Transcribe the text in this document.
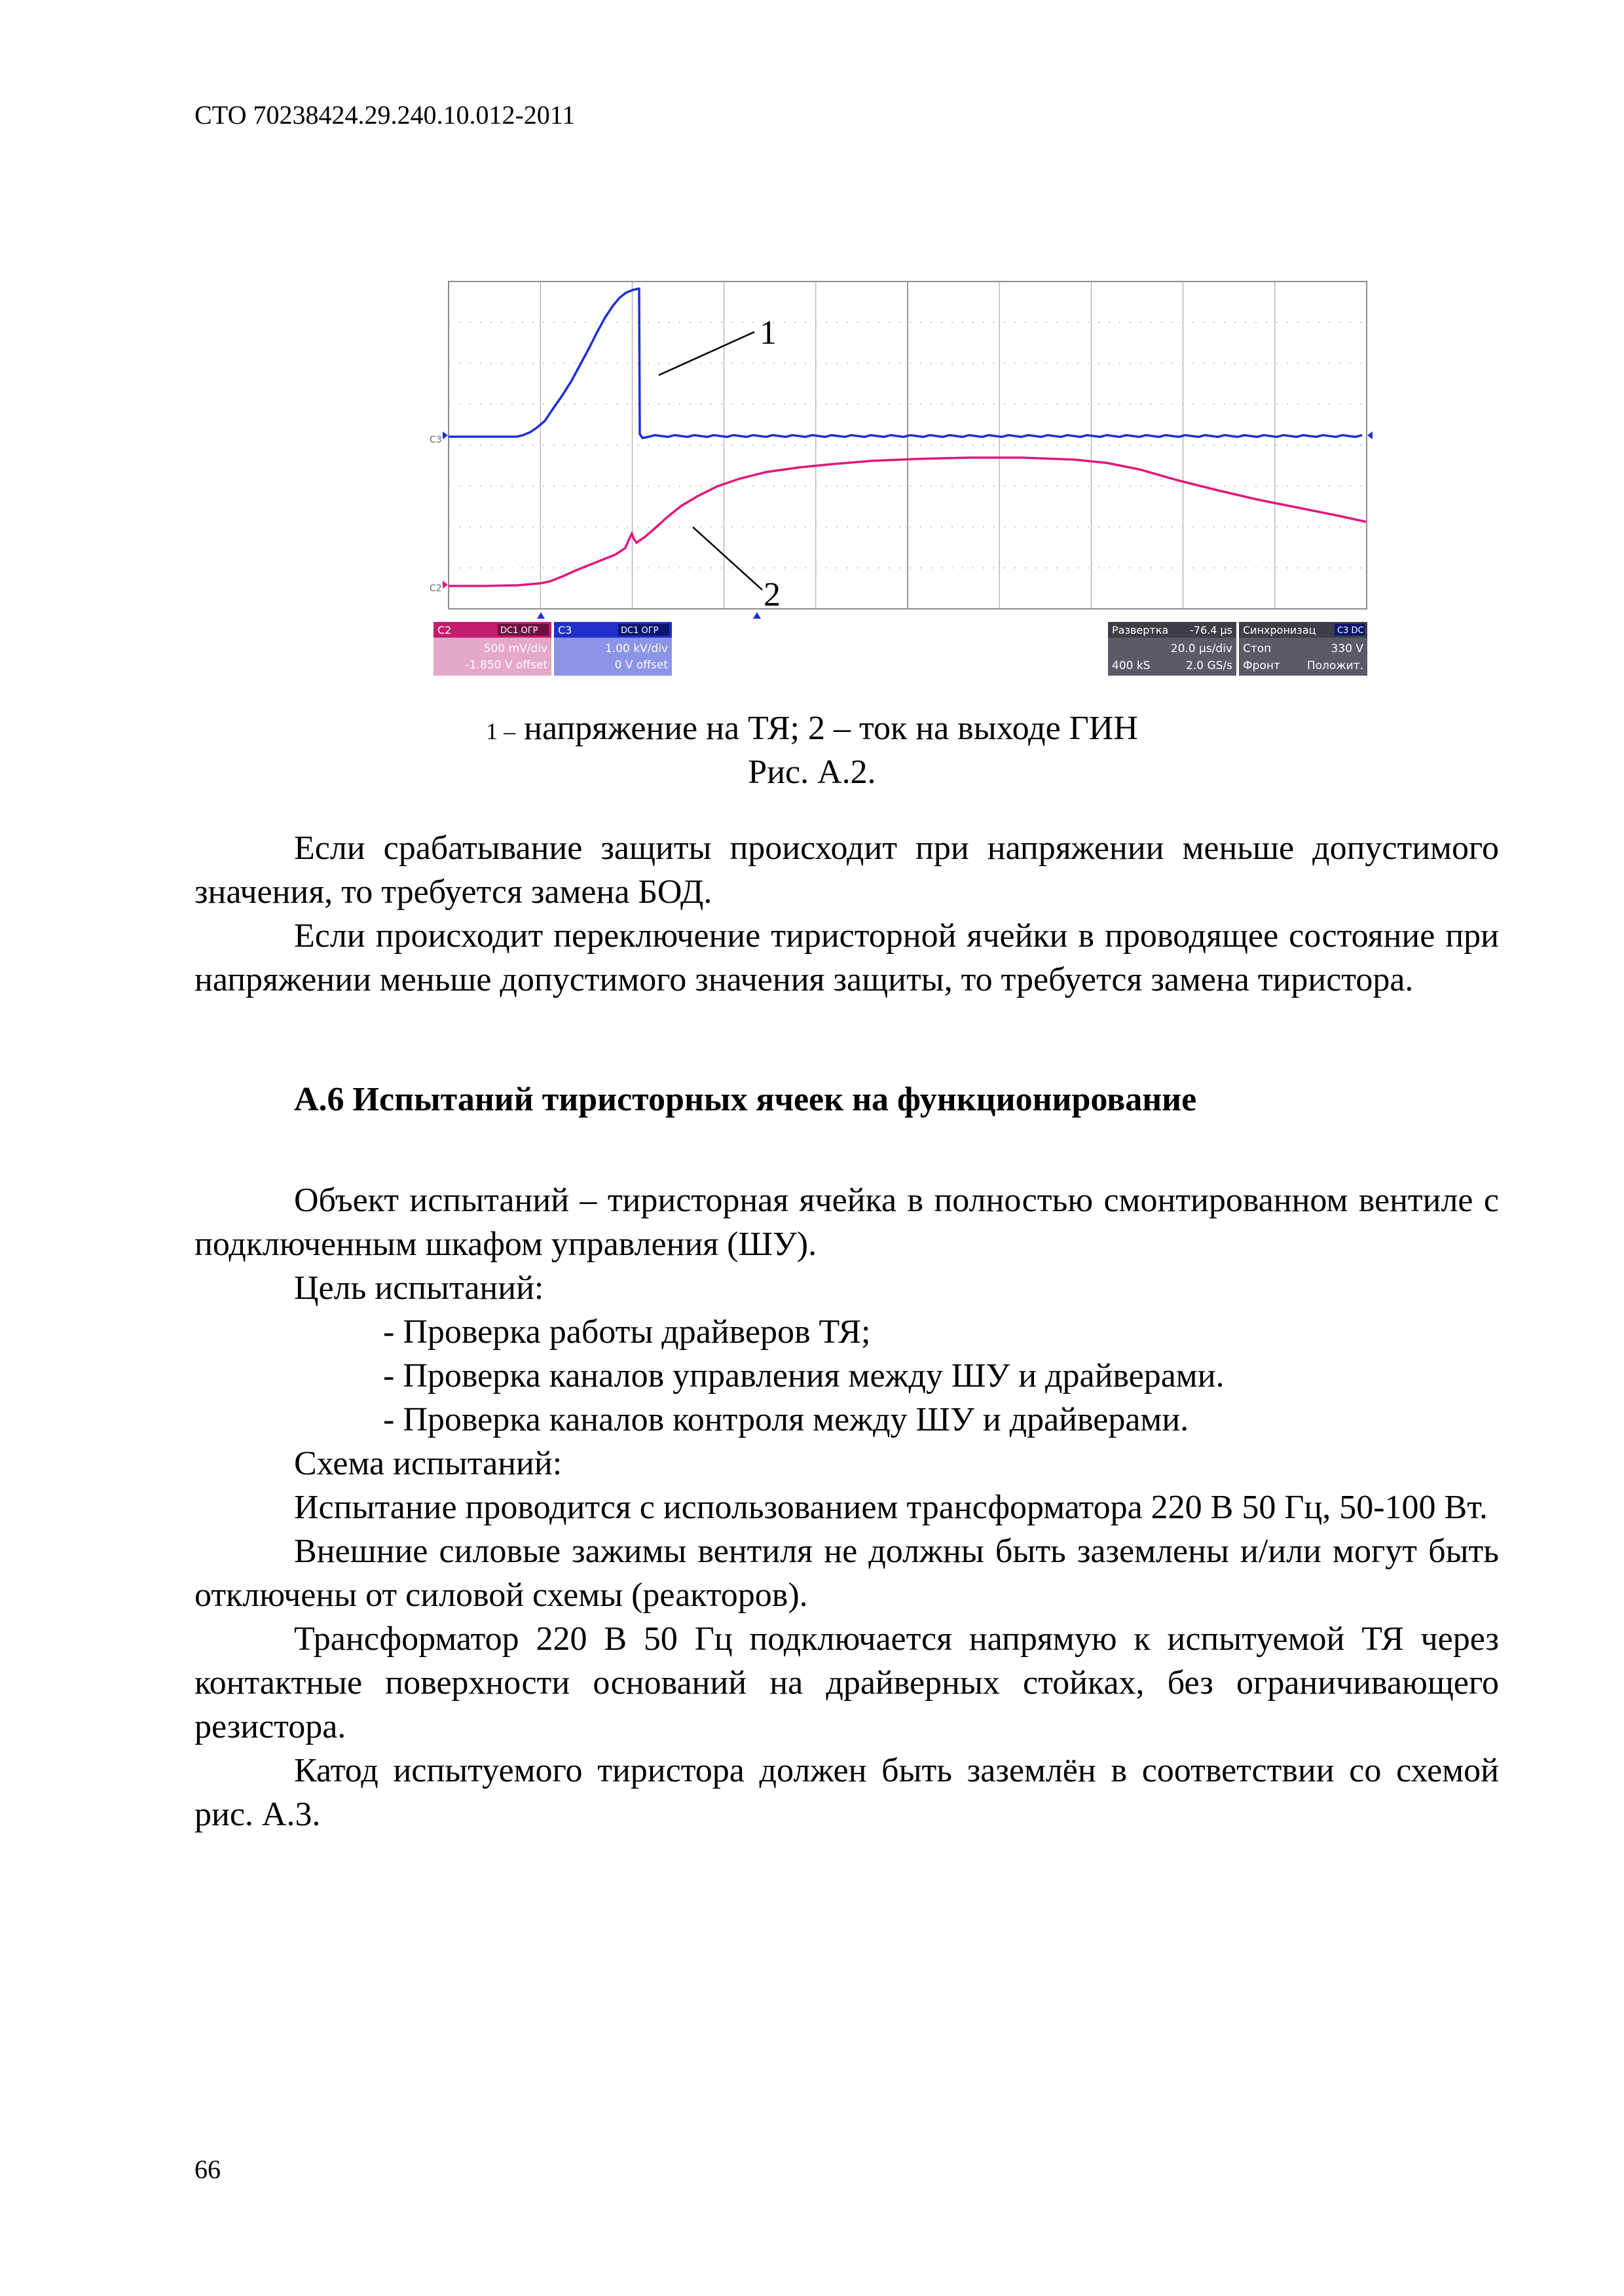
СТО 70238424.29.240.10.012-2011
C3
C2
1
2
C2	DC1 ОГР
500 mV/div
-1.850 V offset
C3	DC1 ОГР
1.00 kV/div
0 V offset
Развертка -76.4 µs
20.0 µs/div
400 kS	2.0 GS/s
Синхронизац C3 DC
Стоп	330 V
Фронт Положит.
1 – напряжение на ТЯ; 2 – ток на выходе ГИН
Рис. А.2.

Если срабатывание защиты происходит при напряжении меньше допустимого значения, то требуется замена БОД.

Если происходит переключение тиристорной ячейки в проводящее состояние при напряжении меньше допустимого значения защиты, то требуется замена тиристора.

А.6 Испытаний тиристорных ячеек на функционирование

Объект испытаний – тиристорная ячейка в полностью смонтированном вентиле с подключенным шкафом управления (ШУ).

Цель испытаний:

- Проверка работы драйверов ТЯ;

- Проверка каналов управления между ШУ и драйверами.

- Проверка каналов контроля между ШУ и драйверами.

Схема испытаний:

Испытание проводится с использованием трансформатора 220 В 50 Гц, 50-100 Вт.

Внешние силовые зажимы вентиля не должны быть заземлены и/или могут быть отключены от силовой схемы (реакторов).

Трансформатор 220 В 50 Гц подключается напрямую к испытуемой ТЯ через контактные поверхности оснований на драйверных стойках, без ограничивающего резистора.

Катод испытуемого тиристора должен быть заземлён в соответствии со схемой рис. А.3.

66
